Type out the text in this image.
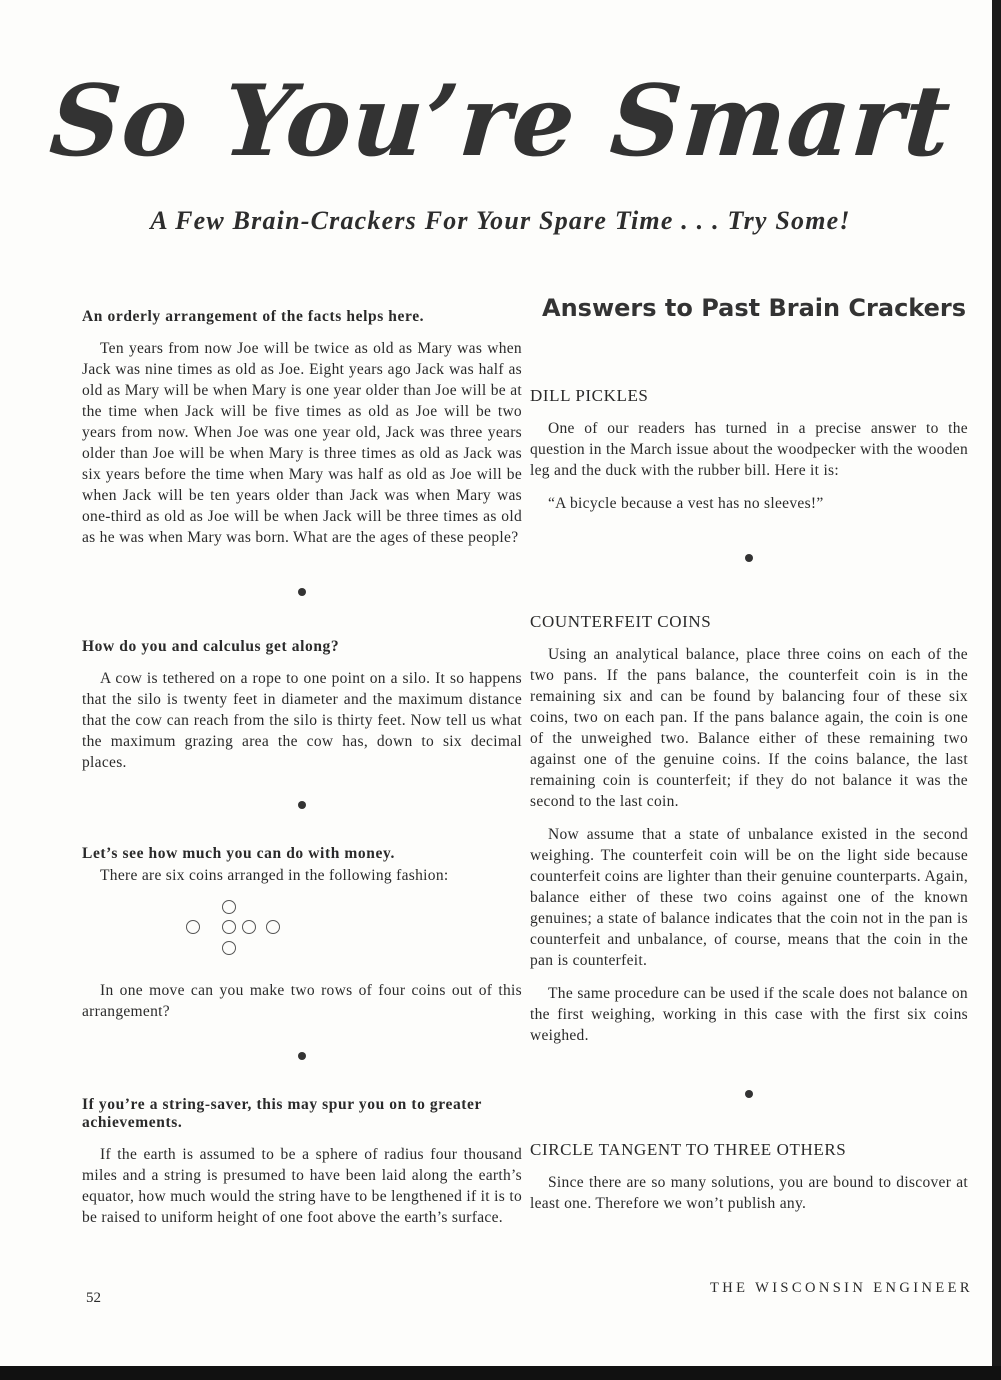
So You’re Smart
A Few Brain-Crackers For Your Spare Time . . . Try Some!

An orderly arrangement of the facts helps here.

Ten years from now Joe will be twice as old as Mary was when Jack was nine times as old as Joe. Eight years ago Jack was half as old as Mary will be when Mary is one year older than Joe will be at the time when Jack will be five times as old as Joe will be two years from now. When Joe was one year old, Jack was three years older than Joe will be when Mary is three times as old as Jack was six years before the time when Mary was half as old as Joe will be when Jack will be ten years older than Jack was when Mary was one-third as old as Joe will be when Jack will be three times as old as he was when Mary was born. What are the ages of these people?

How do you and calculus get along?

A cow is tethered on a rope to one point on a silo. It so happens that the silo is twenty feet in diameter and the maximum distance that the cow can reach from the silo is thirty feet. Now tell us what the maximum grazing area the cow has, down to six decimal places.

Let’s see how much you can do with money.

There are six coins arranged in the following fashion:

In one move can you make two rows of four coins out of this arrangement?

If you’re a string-saver, this may spur you on to greater achievements.

If the earth is assumed to be a sphere of radius four thousand miles and a string is presumed to have been laid along the earth’s equator, how much would the string have to be lengthened if it is to be raised to uniform height of one foot above the earth’s surface.

Answers to Past Brain Crackers

DILL PICKLES

One of our readers has turned in a precise answer to the question in the March issue about the woodpecker with the wooden leg and the duck with the rubber bill. Here it is:

“A bicycle because a vest has no sleeves!”

COUNTERFEIT COINS

Using an analytical balance, place three coins on each of the two pans. If the pans balance, the counterfeit coin is in the remaining six and can be found by balancing four of these six coins, two on each pan. If the pans balance again, the coin is one of the unweighed two. Balance either of these remaining two against one of the genuine coins. If the coins balance, the last remaining coin is counterfeit; if they do not balance it was the second to the last coin.

Now assume that a state of unbalance existed in the second weighing. The counterfeit coin will be on the light side because counterfeit coins are lighter than their genuine counterparts. Again, balance either of these two coins against one of the known genuines; a state of balance indicates that the coin not in the pan is counterfeit and unbalance, of course, means that the coin in the pan is counterfeit.

The same procedure can be used if the scale does not balance on the first weighing, working in this case with the first six coins weighed.

CIRCLE TANGENT TO THREE OTHERS

Since there are so many solutions, you are bound to discover at least one. Therefore we won’t publish any.

52

THE WISCONSIN ENGINEER
